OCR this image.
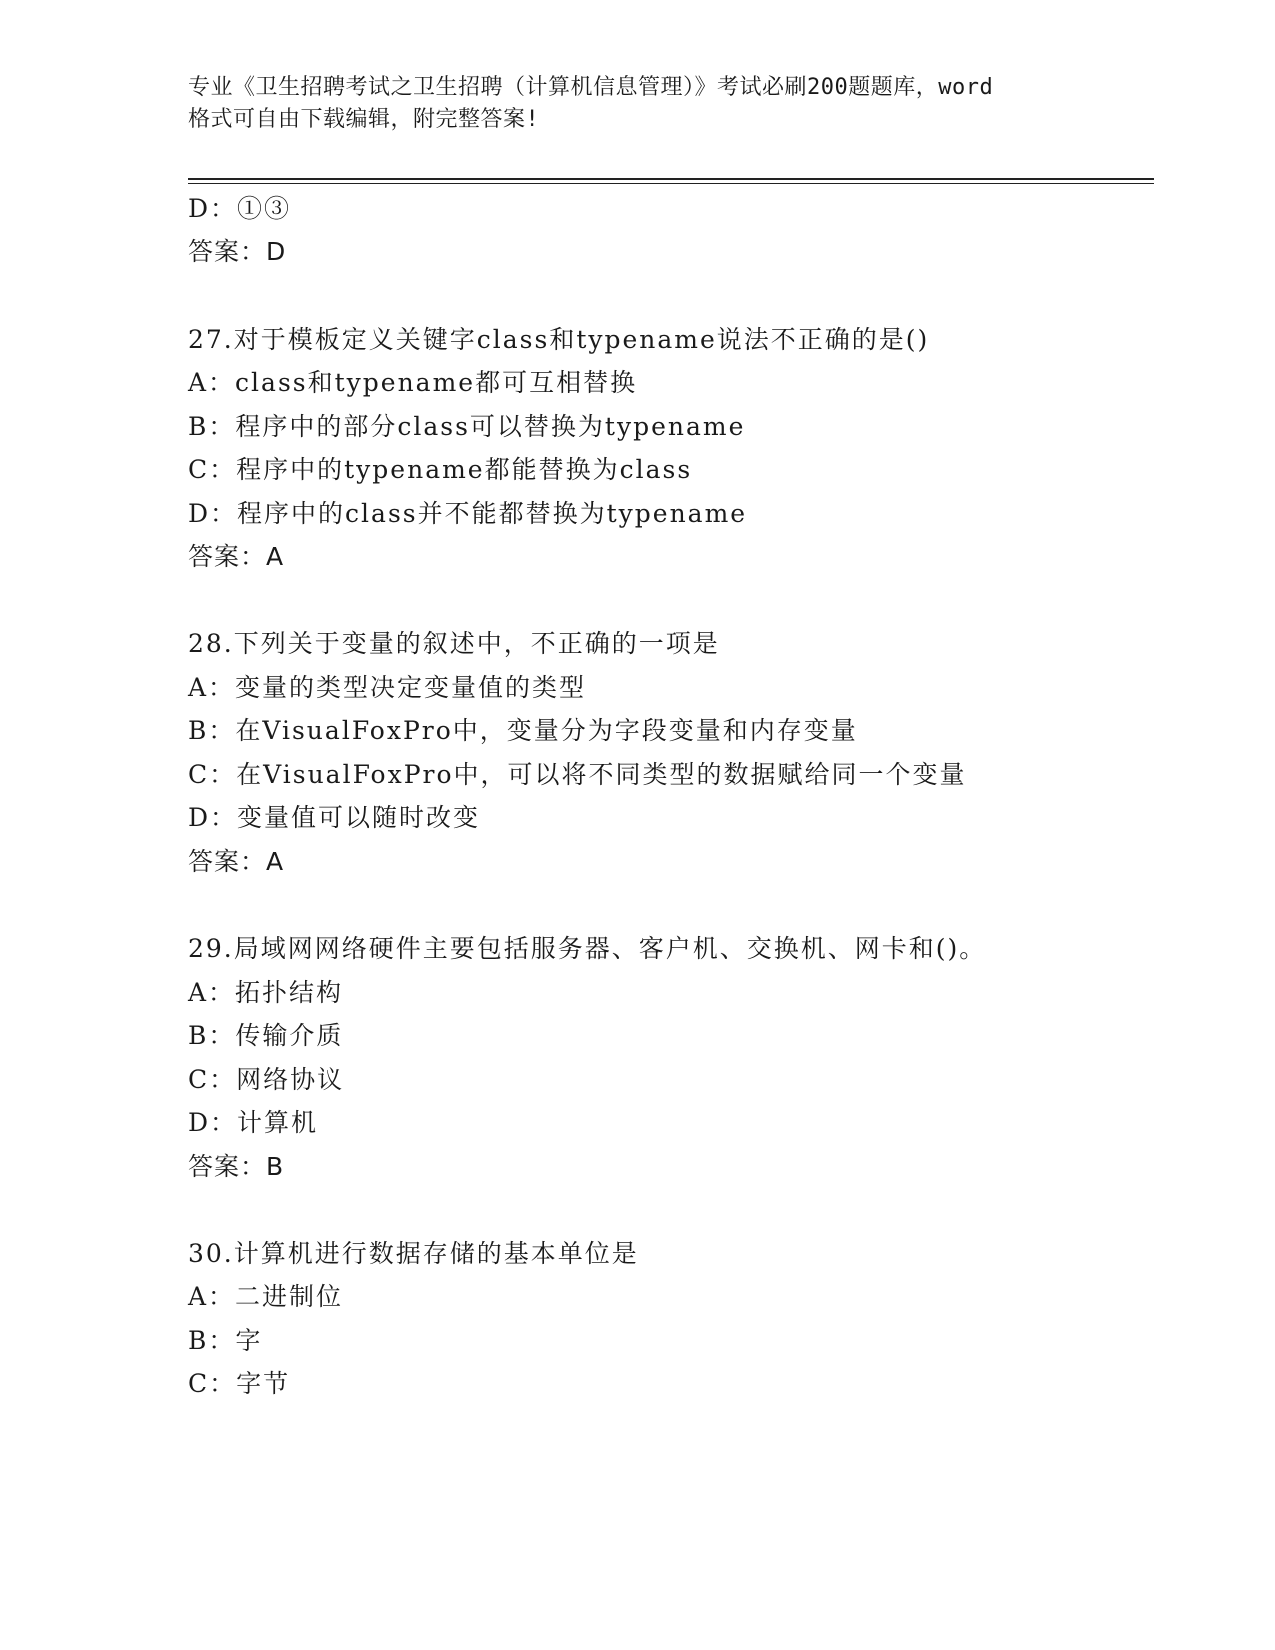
专业《卫生招聘考试之卫生招聘（计算机信息管理）》考试必刷200题题库，word
格式可自由下载编辑，附完整答案!
D：①③
答案：D
27.对于模板定义关键字class和typename说法不正确的是()
A：class和typename都可互相替换
B：程序中的部分class可以替换为typename
C：程序中的typename都能替换为class
D：程序中的class并不能都替换为typename
答案：A
28.下列关于变量的叙述中，不正确的一项是
A：变量的类型决定变量值的类型
B：在VisualFoxPro中，变量分为字段变量和内存变量
C：在VisualFoxPro中，可以将不同类型的数据赋给同一个变量
D：变量值可以随时改变
答案：A
29.局域网网络硬件主要包括服务器、客户机、交换机、网卡和()。
A：拓扑结构
B：传输介质
C：网络协议
D：计算机
答案：B
30.计算机进行数据存储的基本单位是
A：二进制位
B：字
C：字节
